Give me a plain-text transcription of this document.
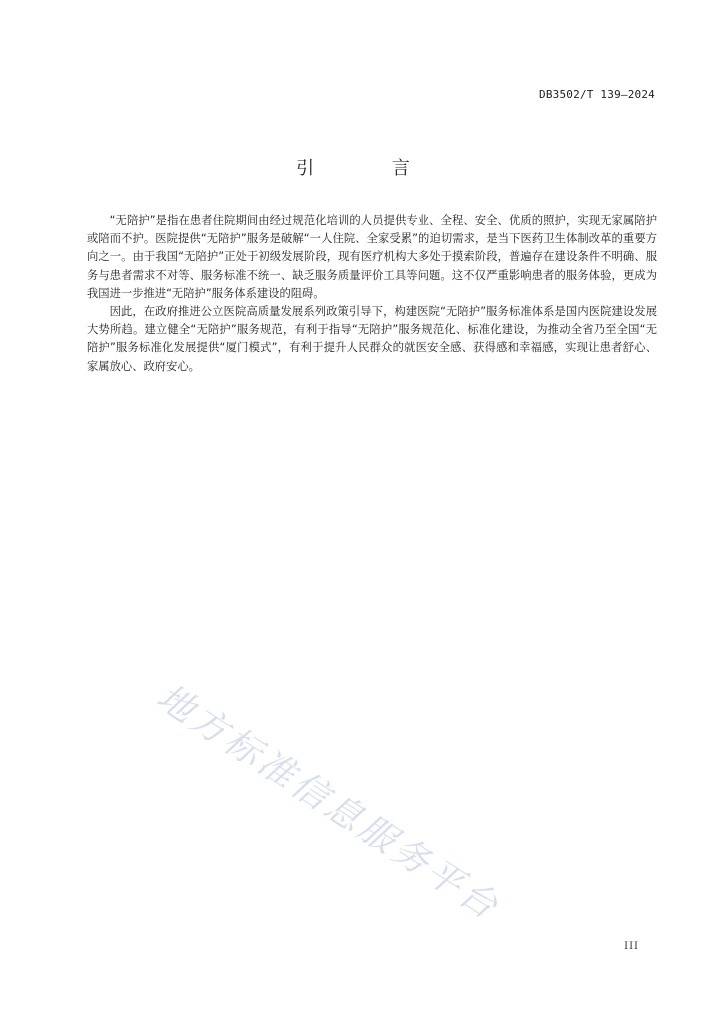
DB3502/T 139—2024
引 言

“无陪护”是指在患者住院期间由经过规范化培训的人员提供专业、全程、安全、优质的照护，实现无家属陪护或陪而不护。医院提供“无陪护”服务是破解“一人住院、全家受累”的迫切需求，是当下医药卫生体制改革的重要方向之一。由于我国“无陪护”正处于初级发展阶段，现有医疗机构大多处于摸索阶段，普遍存在建设条件不明确、服务与患者需求不对等、服务标准不统一、缺乏服务质量评价工具等问题。这不仅严重影响患者的服务体验，更成为我国进一步推进“无陪护”服务体系建设的阻碍。

因此，在政府推进公立医院高质量发展系列政策引导下，构建医院“无陪护”服务标准体系是国内医院建设发展大势所趋。建立健全“无陪护”服务规范，有利于指导“无陪护”服务规范化、标准化建设，为推动全省乃至全国“无陪护”服务标准化发展提供“厦门模式”，有利于提升人民群众的就医安全感、获得感和幸福感，实现让患者舒心、家属放心、政府安心。

地方标准信息服务平台
III
